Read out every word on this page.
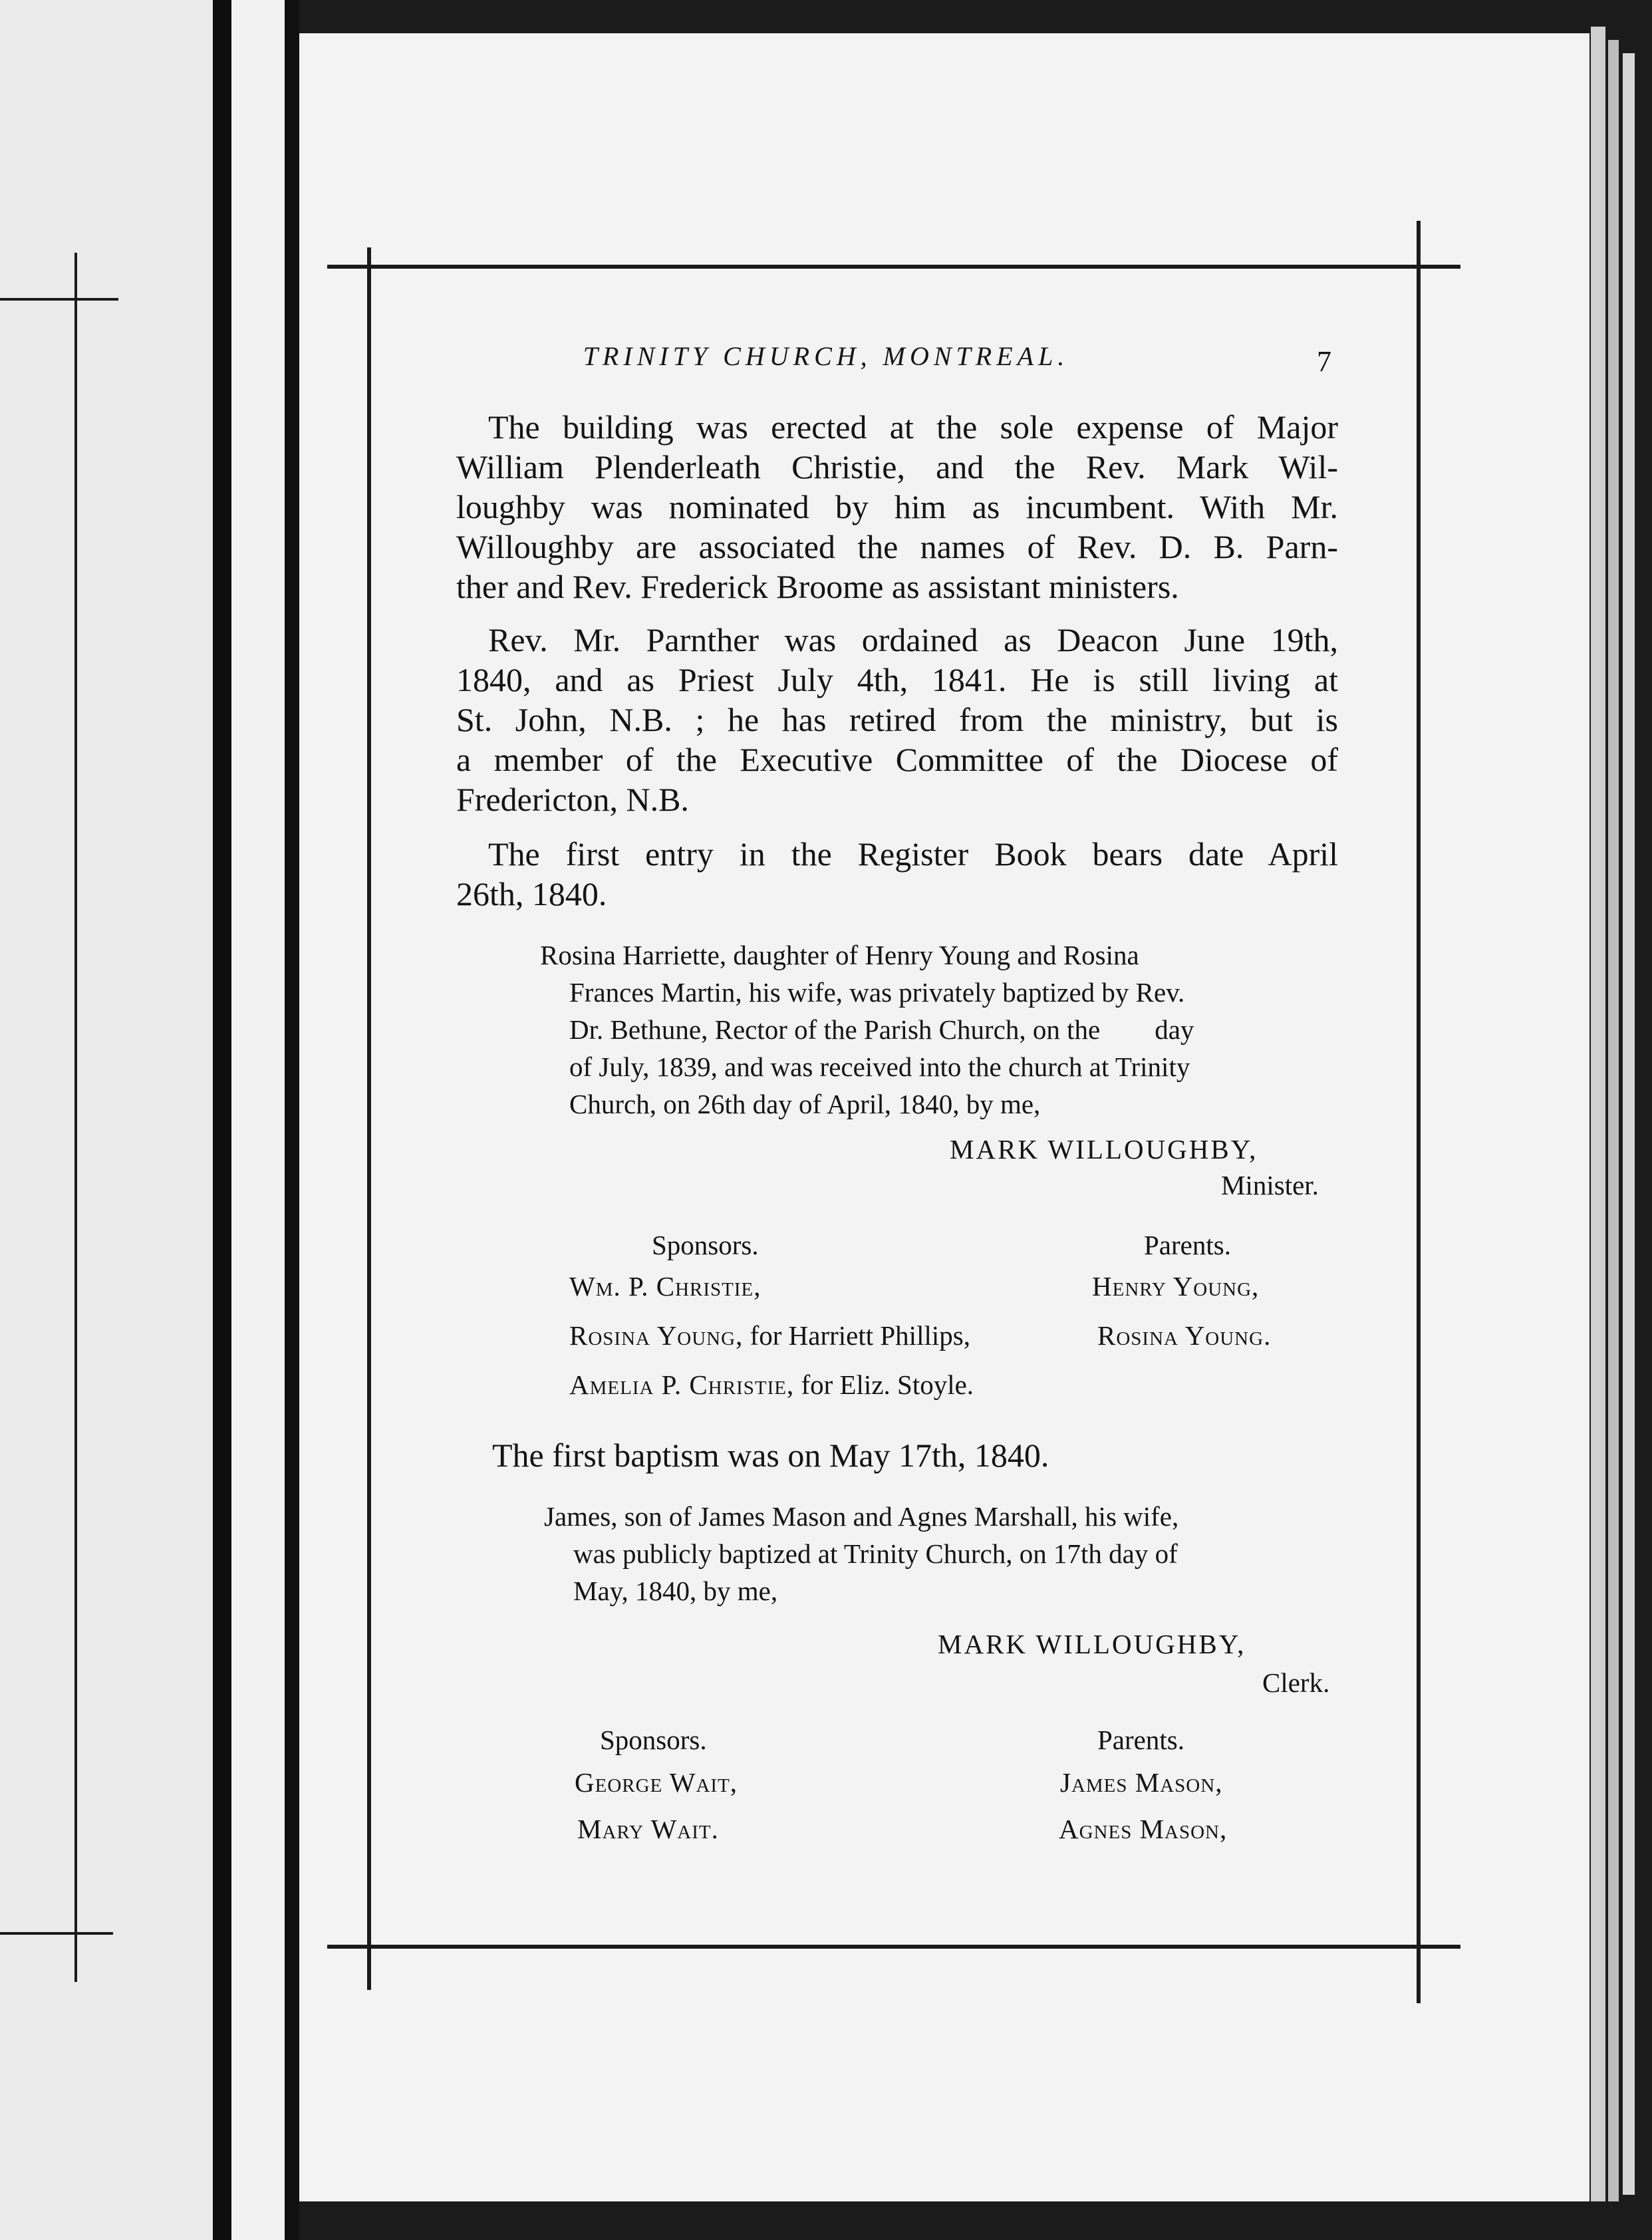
TRINITY CHURCH, MONTREAL.	7
The building was erected at the sole expense of Major
William Plenderleath Christie, and the Rev. Mark Wil-
loughby was nominated by him as incumbent. With Mr.
Willoughby are associated the names of Rev. D. B. Parn-
ther and Rev. Frederick Broome as assistant ministers.
Rev. Mr. Parnther was ordained as Deacon June 19th,
1840, and as Priest July 4th, 1841. He is still living at
St. John, N.B. ; he has retired from the ministry, but is
a member of the Executive Committee of the Diocese of
Fredericton, N.B.
The first entry in the Register Book bears date April
26th, 1840.
Rosina Harriette, daughter of Henry Young and Rosina
Frances Martin, his wife, was privately baptized by Rev.
Dr. Bethune, Rector of the Parish Church, on the        day
of July, 1839, and was received into the church at Trinity
Church, on 26th day of April, 1840, by me,
MARK WILLOUGHBY,
Minister.
Sponsors.	Parents.
Wm. P. Christie,	Henry Young,
Rosina Young, for Harriett Phillips,	Rosina Young.
Amelia P. Christie, for Eliz. Stoyle.
The first baptism was on May 17th, 1840.
James, son of James Mason and Agnes Marshall, his wife,
was publicly baptized at Trinity Church, on 17th day of
May, 1840, by me,
MARK WILLOUGHBY,
Clerk.
Sponsors.	Parents.
George Wait,	James Mason,
Mary Wait.	Agnes Mason,
